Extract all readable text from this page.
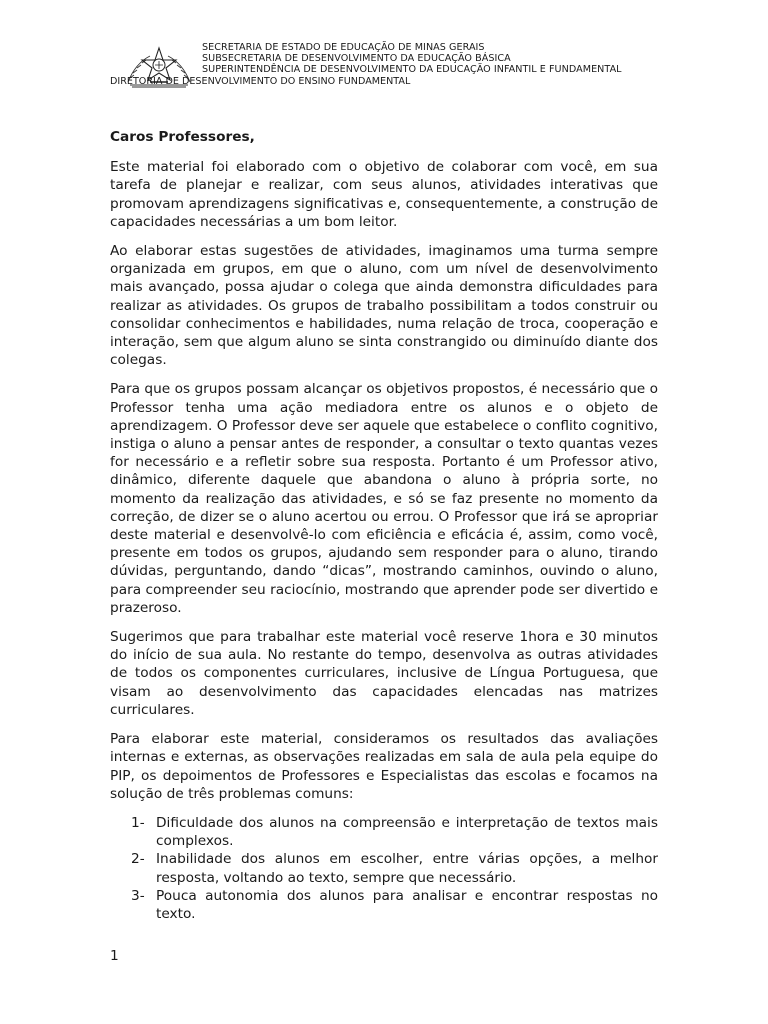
SECRETARIA DE ESTADO DE EDUCAÇÃO DE MINAS GERAIS
SUBSECRETARIA DE DESENVOLVIMENTO DA EDUCAÇÃO BÁSICA
SUPERINTENDÊNCIA DE DESENVOLVIMENTO DA EDUCAÇÃO INFANTIL E FUNDAMENTAL
DIRETORIA DE DESENVOLVIMENTO DO ENSINO FUNDAMENTAL

Caros Professores,

Este material foi elaborado com o objetivo de colaborar com você, em sua tarefa de planejar e realizar, com seus alunos, atividades interativas que promovam aprendizagens significativas e, consequentemente, a construção de capacidades necessárias a um bom leitor.

Ao elaborar estas sugestões de atividades, imaginamos uma turma sempre organizada em grupos, em que o aluno, com um nível de desenvolvimento mais avançado, possa ajudar o colega que ainda demonstra dificuldades para realizar as atividades. Os grupos de trabalho possibilitam a todos construir ou consolidar conhecimentos e habilidades, numa relação de troca, cooperação e interação, sem que algum aluno se sinta constrangido ou diminuído diante dos colegas.

Para que os grupos possam alcançar os objetivos propostos, é necessário que o Professor tenha uma ação mediadora entre os alunos e o objeto de aprendizagem. O Professor deve ser aquele que estabelece o conflito cognitivo, instiga o aluno a pensar antes de responder, a consultar o texto quantas vezes for necessário e a refletir sobre sua resposta. Portanto é um Professor ativo, dinâmico, diferente daquele que abandona o aluno à própria sorte, no momento da realização das atividades, e só se faz presente no momento da correção, de dizer se o aluno acertou ou errou. O Professor que irá se apropriar deste material e desenvolvê-lo com eficiência e eficácia é, assim, como você, presente em todos os grupos, ajudando sem responder para o aluno, tirando dúvidas, perguntando, dando “dicas”, mostrando caminhos, ouvindo o aluno, para compreender seu raciocínio, mostrando que aprender pode ser divertido e prazeroso.

Sugerimos que para trabalhar este material você reserve 1hora e 30 minutos do início de sua aula. No restante do tempo, desenvolva as outras atividades de todos os componentes curriculares, inclusive de Língua Portuguesa, que visam ao desenvolvimento das capacidades elencadas nas matrizes curriculares.

Para elaborar este material, consideramos os resultados das avaliações internas e externas, as observações realizadas em sala de aula pela equipe do PIP, os depoimentos de Professores e Especialistas das escolas e focamos na solução de três problemas comuns:

1- Dificuldade dos alunos na compreensão e interpretação de textos mais complexos.
2- Inabilidade dos alunos em escolher, entre várias opções, a melhor resposta, voltando ao texto, sempre que necessário.
3- Pouca autonomia dos alunos para analisar e encontrar respostas no texto.
1
